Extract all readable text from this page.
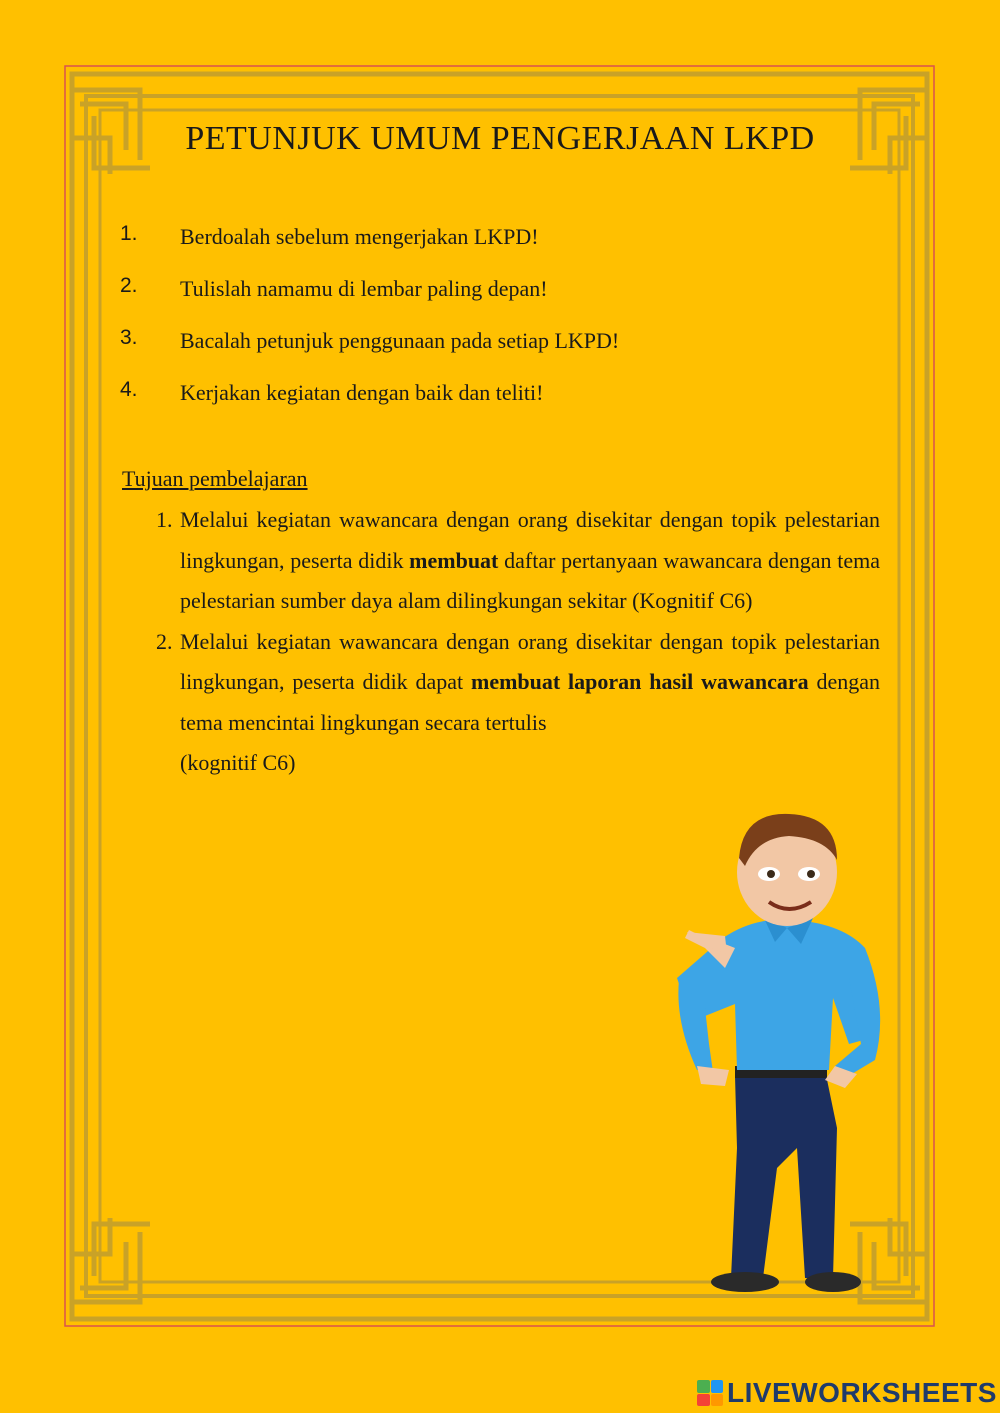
PETUNJUK UMUM PENGERJAAN LKPD
1.	Berdoalah sebelum mengerjakan LKPD!
2.	Tulislah namamu di lembar paling depan!
3.	Bacalah petunjuk penggunaan pada setiap LKPD!
4.	Kerjakan kegiatan dengan baik dan teliti!
Tujuan pembelajaran
1. Melalui kegiatan wawancara dengan orang disekitar dengan topik pelestarian lingkungan, peserta didik membuat daftar pertanyaan wawancara dengan tema pelestarian sumber daya alam dilingkungan sekitar (Kognitif C6)
2. Melalui kegiatan wawancara dengan orang disekitar dengan topik pelestarian lingkungan, peserta didik dapat membuat laporan hasil wawancara dengan tema mencintai lingkungan secara tertulis
(kognitif C6)
LIVEWORKSHEETS
